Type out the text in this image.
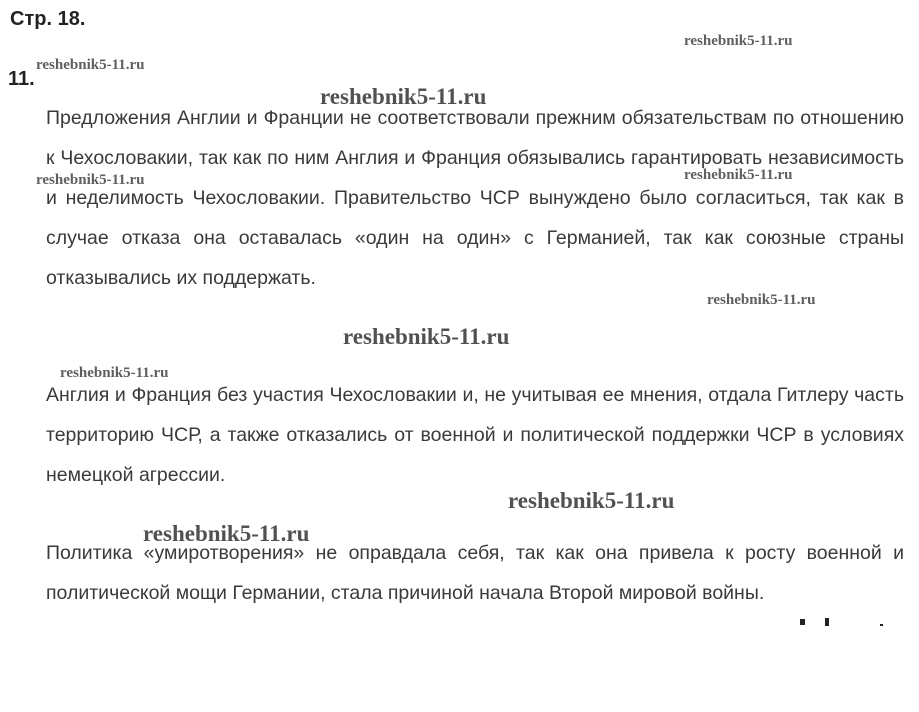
Стр. 18.
11.

Предложения Англии и Франции не соответствовали прежним обязательствам по отношению к Чехословакии, так как по ним Англия и Франция обязывались гарантировать независимость и неделимость Чехословакии. Правительство ЧСР вынуждено было согласиться, так как в случае отказа она оставалась «один на один» с Германией, так как союзные страны отказывались их поддержать.

Англия и Франция без участия Чехословакии и, не учитывая ее мнения, отдала Гитлеру часть территорию ЧСР, а также отказались от военной и политической поддержки ЧСР в условиях немецкой агрессии.

Политика «умиротворения» не оправдала себя, так как она привела к росту военной и политической мощи Германии, стала причиной начала Второй мировой войны.

reshebnik5-11.ru
reshebnik5-11.ru
reshebnik5-11.ru
reshebnik5-11.ru	reshebnik5-11.ru
reshebnik5-11.ru
reshebnik5-11.ru
reshebnik5-11.ru
reshebnik5-11.ru
reshebnik5-11.ru
